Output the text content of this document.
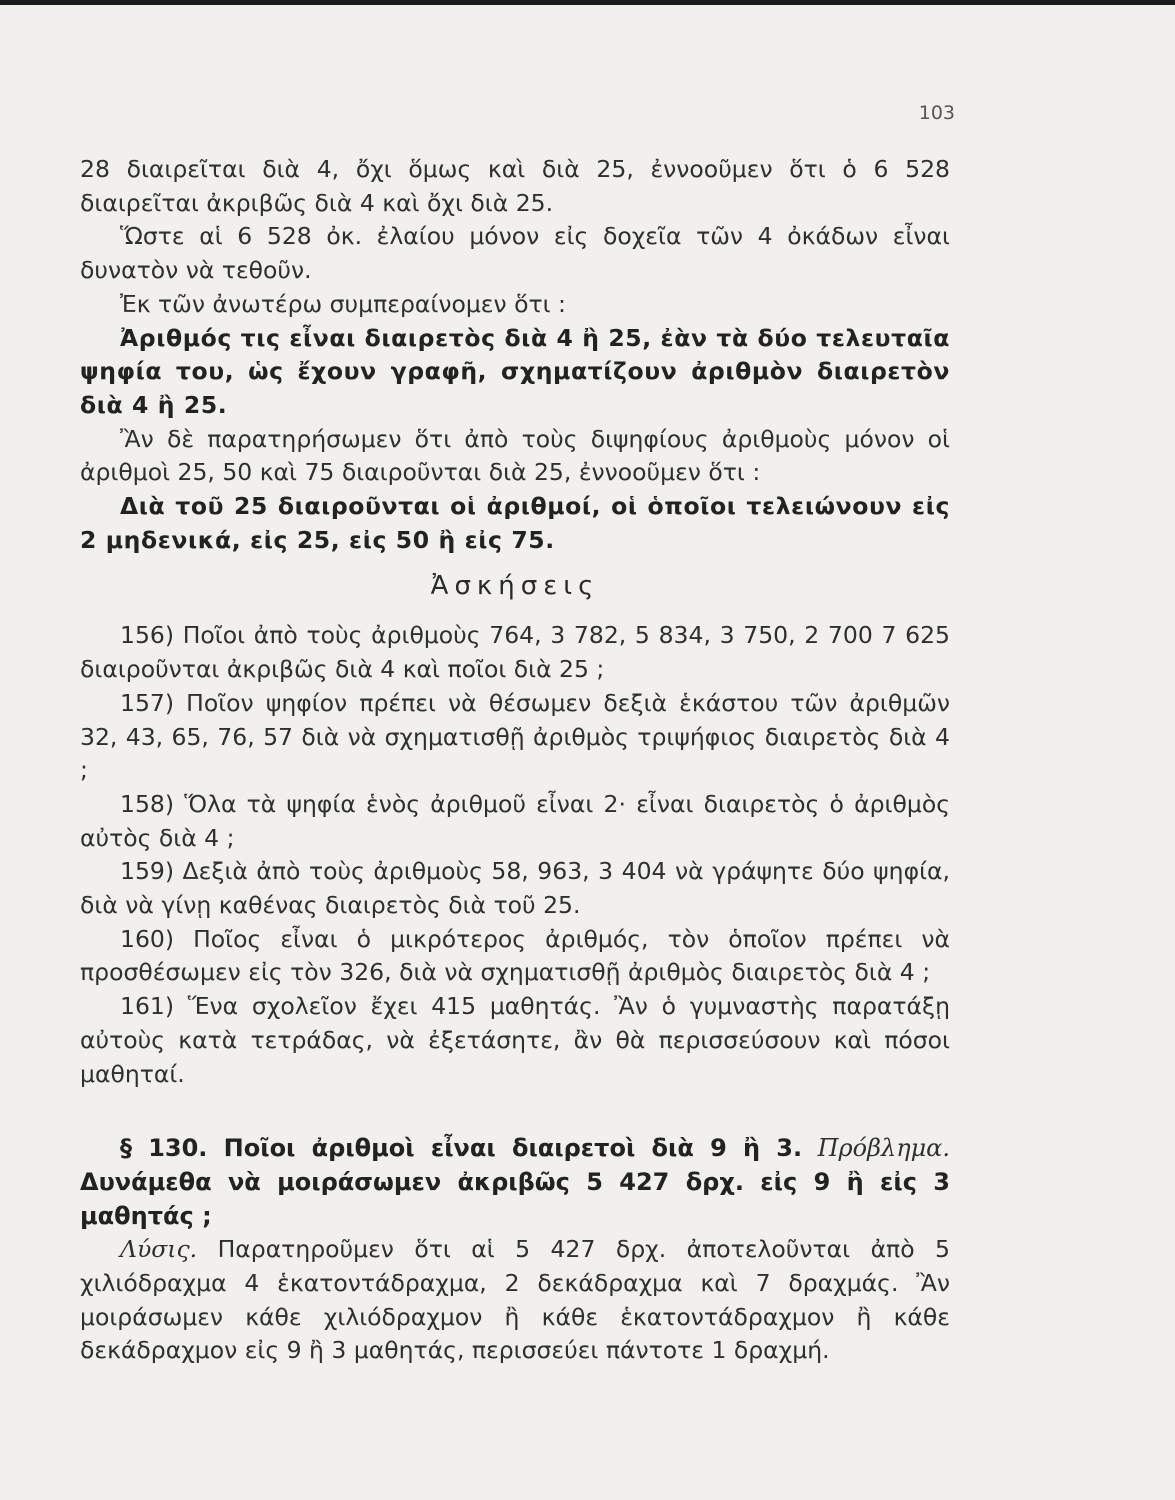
103

28 διαιρεῖται διὰ 4, ὄχι ὅμως καὶ διὰ 25, ἐννοοῦμεν ὅτι ὁ 6 528 διαιρεῖται ἀκριβῶς διὰ 4 καὶ ὄχι διὰ 25.

Ὥστε αἱ 6 528 ὀκ. ἐλαίου μόνον εἰς δοχεῖα τῶν 4 ὀκάδων εἶναι δυνατὸν νὰ τεθοῦν.

Ἐκ τῶν ἀνωτέρω συμπεραίνομεν ὅτι :

Ἀριθμός τις εἶναι διαιρετὸς διὰ 4 ἢ 25, ἐὰν τὰ δύο τελευταῖα ψηφία του, ὡς ἔχουν γραφῆ, σχηματίζουν ἀριθμὸν διαιρετὸν διὰ 4 ἢ 25.

Ἂν δὲ παρατηρήσωμεν ὅτι ἀπὸ τοὺς διψηφίους ἀριθμοὺς μόνον οἱ ἀριθμοὶ 25, 50 καὶ 75 διαιροῦνται διὰ 25, ἐννοοῦμεν ὅτι :

Διὰ τοῦ 25 διαιροῦνται οἱ ἀριθμοί, οἱ ὁποῖοι τελειώνουν εἰς 2 μηδενικά, εἰς 25, εἰς 50 ἢ εἰς 75.

Ἀσκήσεις

156) Ποῖοι ἀπὸ τοὺς ἀριθμοὺς 764, 3 782, 5 834, 3 750, 2 700 7 625 διαιροῦνται ἀκριβῶς διὰ 4 καὶ ποῖοι διὰ 25 ;

157) Ποῖον ψηφίον πρέπει νὰ θέσωμεν δεξιὰ ἑκάστου τῶν ἀριθμῶν 32, 43, 65, 76, 57 διὰ νὰ σχηματισθῇ ἀριθμὸς τριψήφιος διαιρετὸς διὰ 4 ;

158) Ὅλα τὰ ψηφία ἑνὸς ἀριθμοῦ εἶναι 2· εἶναι διαιρετὸς ὁ ἀριθμὸς αὐτὸς διὰ 4 ;

159) Δεξιὰ ἀπὸ τοὺς ἀριθμοὺς 58, 963, 3 404 νὰ γράψητε δύο ψηφία, διὰ νὰ γίνῃ καθένας διαιρετὸς διὰ τοῦ 25.

160) Ποῖος εἶναι ὁ μικρότερος ἀριθμός, τὸν ὁποῖον πρέπει νὰ προσθέσωμεν εἰς τὸν 326, διὰ νὰ σχηματισθῇ ἀριθμὸς διαιρετὸς διὰ 4 ;

161) Ἕνα σχολεῖον ἔχει 415 μαθητάς. Ἂν ὁ γυμναστὴς παρατάξῃ αὐτοὺς κατὰ τετράδας, νὰ ἐξετάσητε, ἂν θὰ περισσεύσουν καὶ πόσοι μαθηταί.

§ 130. Ποῖοι ἀριθμοὶ εἶναι διαιρετοὶ διὰ 9 ἢ 3. Πρόβλημα. Δυνάμεθα νὰ μοιράσωμεν ἀκριβῶς 5 427 δρχ. εἰς 9 ἢ εἰς 3 μαθητάς ;

Λύσις. Παρατηροῦμεν ὅτι αἱ 5 427 δρχ. ἀποτελοῦνται ἀπὸ 5 χιλιόδραχμα 4 ἑκατοντάδραχμα, 2 δεκάδραχμα καὶ 7 δραχμάς. Ἂν μοιράσωμεν κάθε χιλιόδραχμον ἢ κάθε ἑκατοντάδραχμον ἢ κάθε δεκάδραχμον εἰς 9 ἢ 3 μαθητάς, περισσεύει πάντοτε 1 δραχμή.
